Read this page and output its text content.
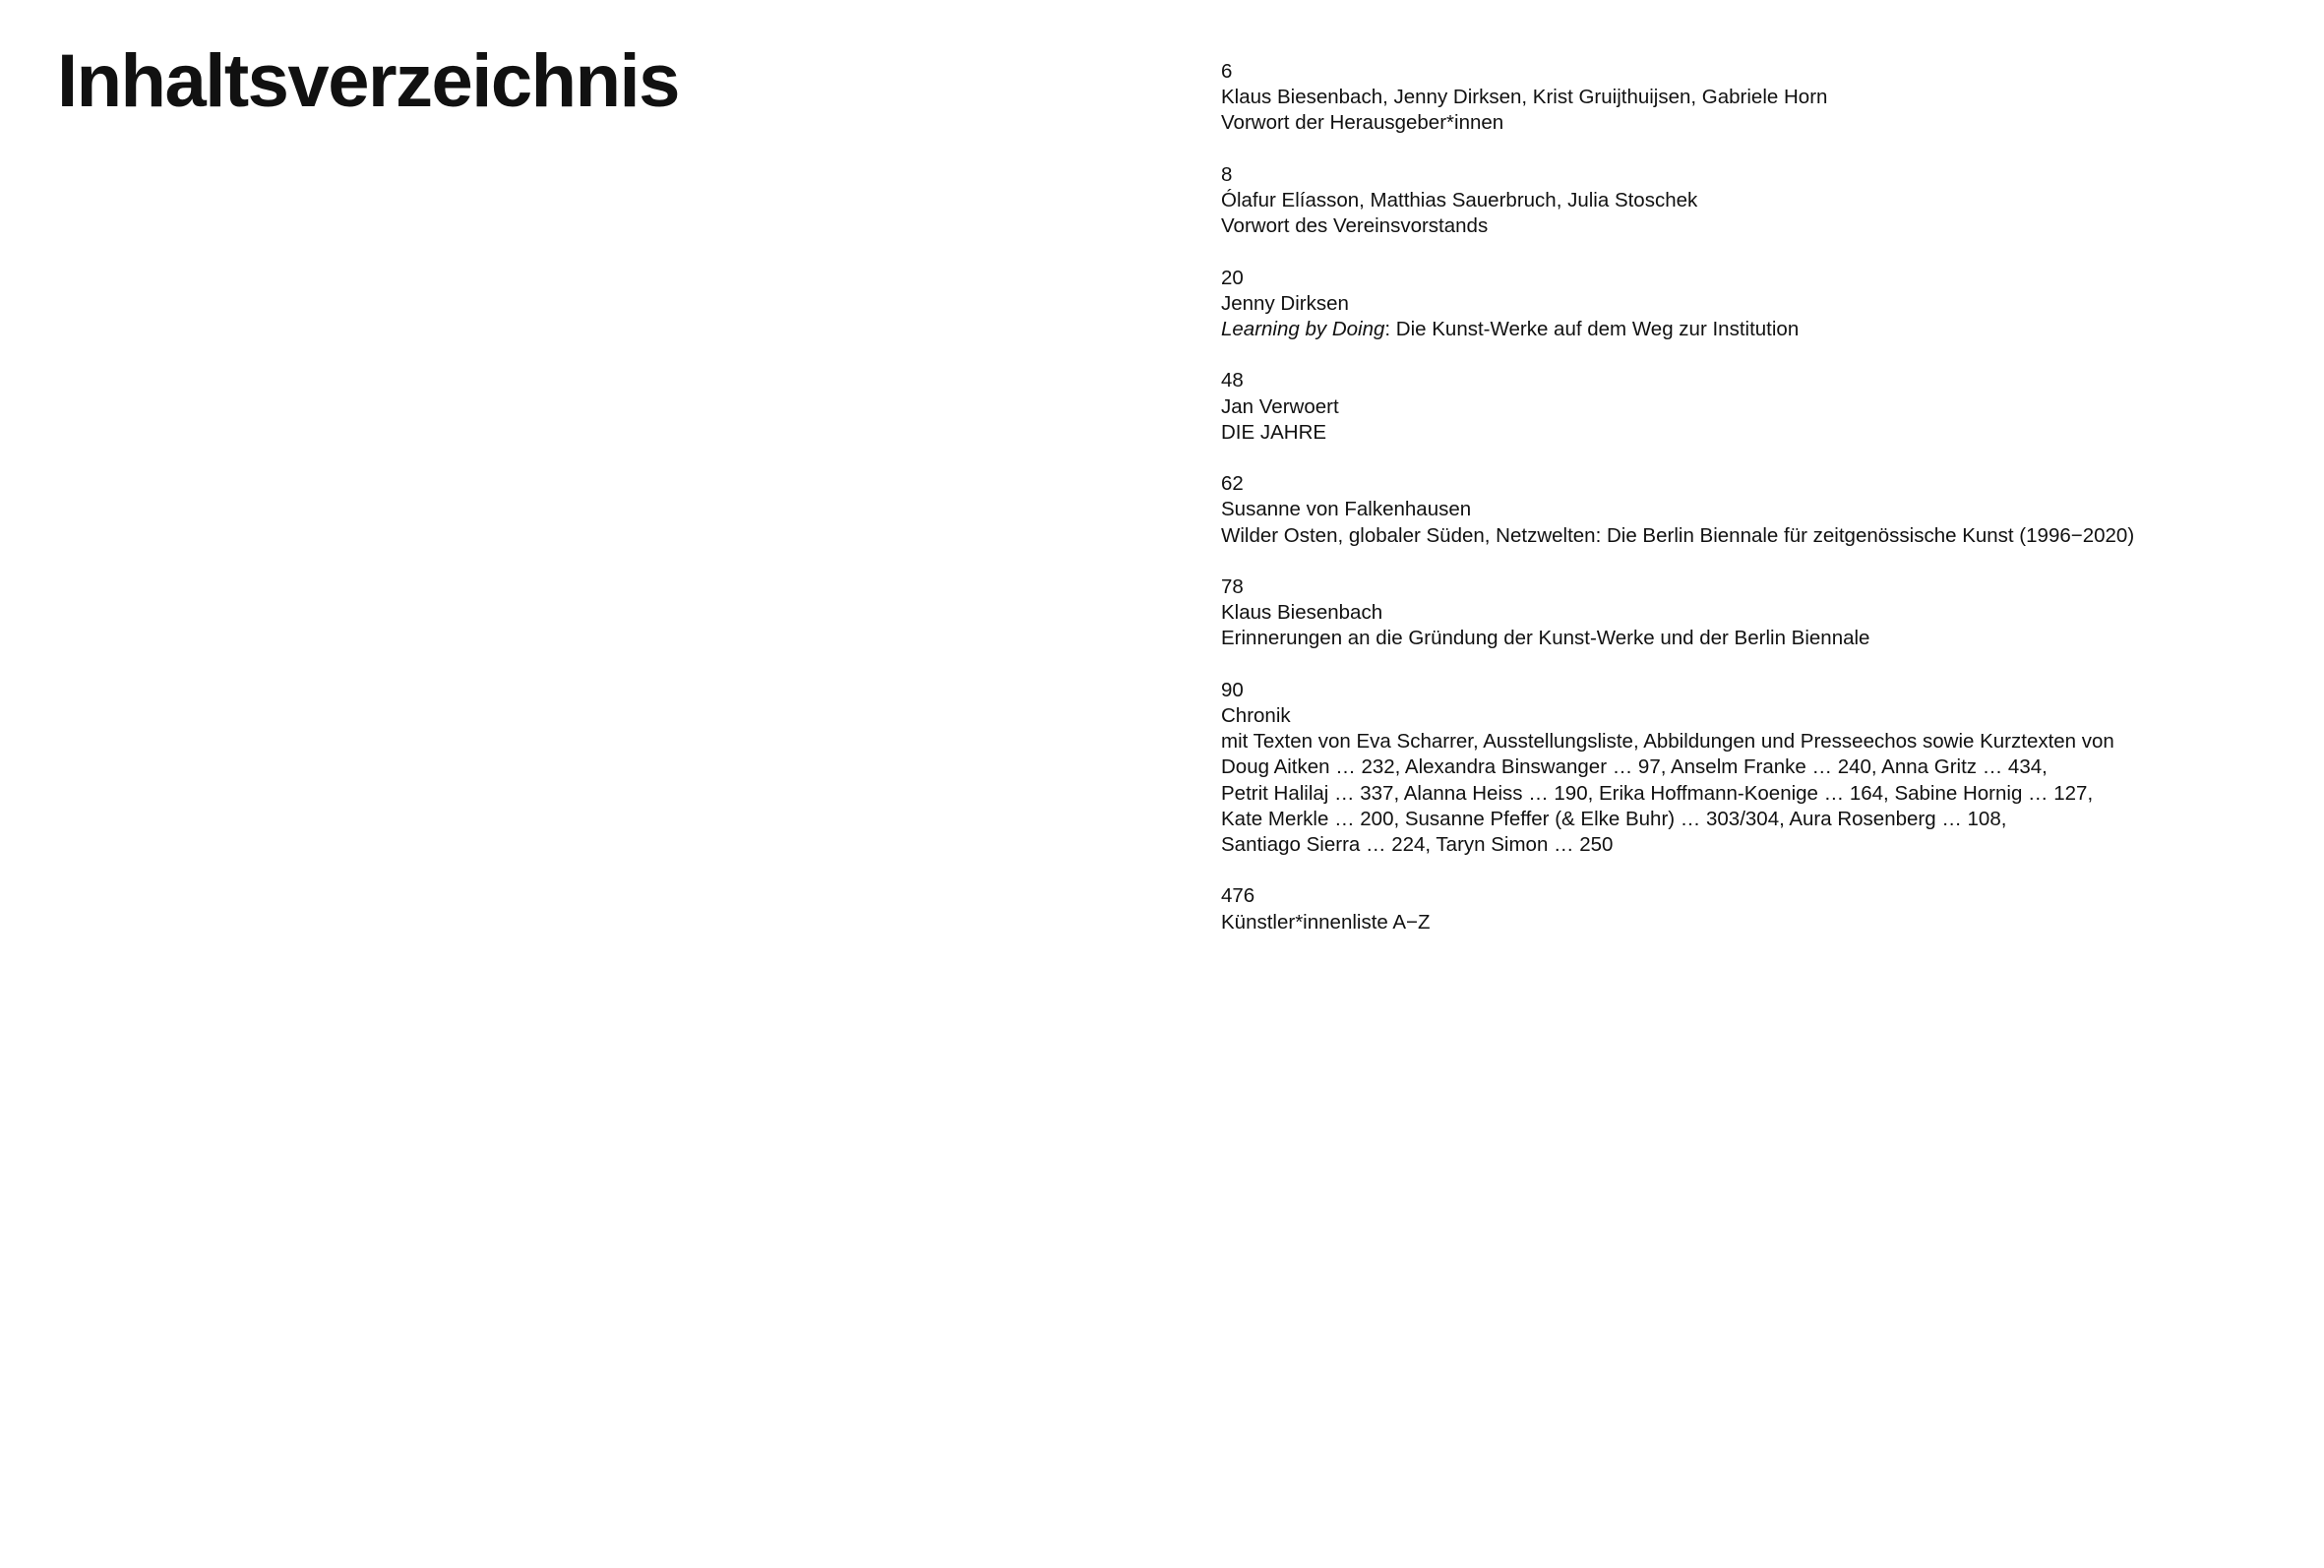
Inhaltsverzeichnis	6
Klaus Biesenbach, Jenny Dirksen, Krist Gruijthuijsen, Gabriele Horn
Vorwort der Herausgeber*innen
8
Ólafur Elíasson, Matthias Sauerbruch, Julia Stoschek
Vorwort des Vereinsvorstands
20
Jenny Dirksen
Learning by Doing: Die Kunst-Werke auf dem Weg zur Institution
48
Jan Verwoert
DIE JAHRE
62
Susanne von Falkenhausen
Wilder Osten, globaler Süden, Netzwelten: Die Berlin Biennale für zeitgenössische Kunst (1996−2020)
78
Klaus Biesenbach
Erinnerungen an die Gründung der Kunst-Werke und der Berlin Biennale
90
Chronik
mit Texten von Eva Scharrer, Ausstellungsliste, Abbildungen und Presseechos sowie Kurztexten von
Doug Aitken … 232, Alexandra Binswanger … 97, Anselm Franke … 240, Anna Gritz … 434,
Petrit Halilaj … 337, Alanna Heiss … 190, Erika Hoffmann-Koenige … 164, Sabine Hornig … 127,
Kate Merkle … 200, Susanne Pfeffer (& Elke Buhr) … 303/304, Aura Rosenberg … 108,
Santiago Sierra … 224, Taryn Simon … 250
476
Künstler*innenliste A−Z
